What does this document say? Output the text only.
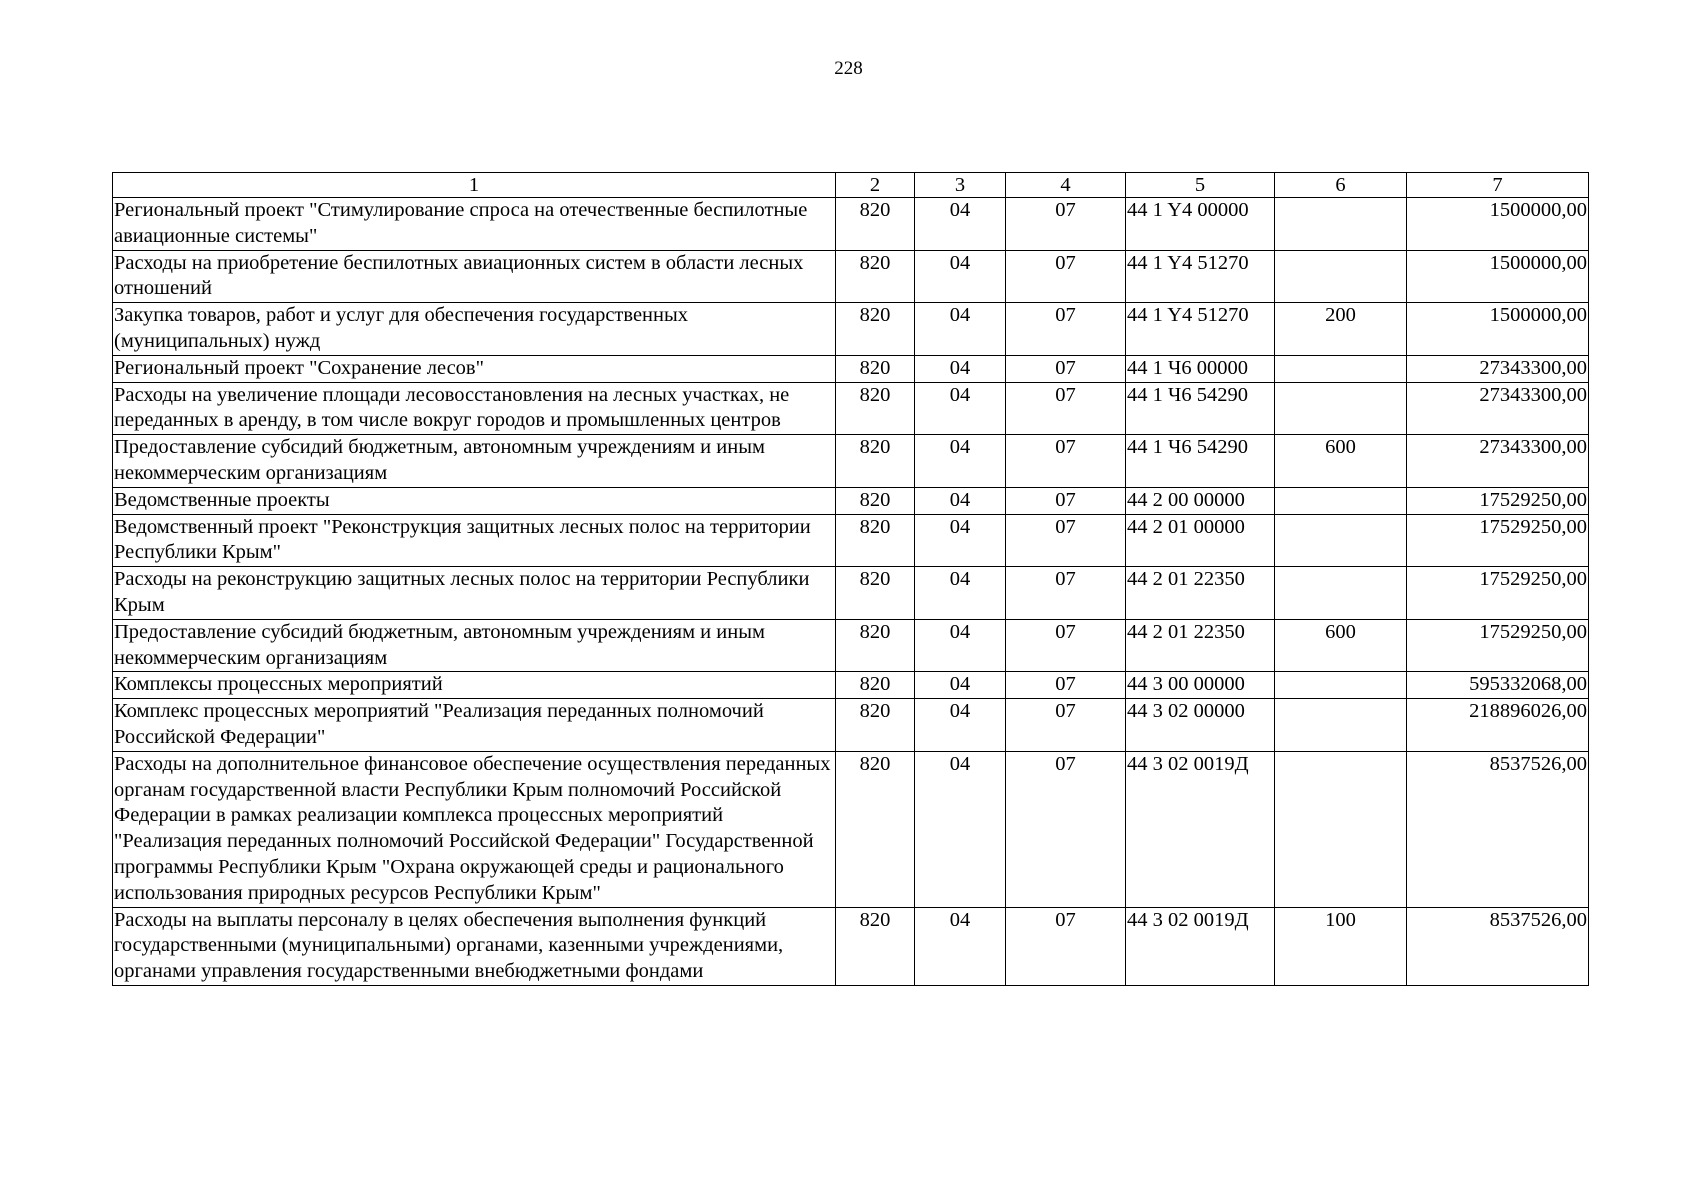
228
1	2	3	4	5	6	7
Региональный проект "Стимулирование спроса на отечественные беспилотные авиационные системы"	820	04	07	44 1 Y4 00000		1500000,00
Расходы на приобретение беспилотных авиационных систем в области лесных отношений	820	04	07	44 1 Y4 51270		1500000,00
Закупка товаров, работ и услуг для обеспечения государственных (муниципальных) нужд	820	04	07	44 1 Y4 51270	200	1500000,00
Региональный проект "Сохранение лесов"	820	04	07	44 1 Ч6 00000		27343300,00
Расходы на увеличение площади лесовосстановления на лесных участках, не переданных в аренду, в том числе вокруг городов и промышленных центров	820	04	07	44 1 Ч6 54290		27343300,00
Предоставление субсидий бюджетным, автономным учреждениям и иным некоммерческим организациям	820	04	07	44 1 Ч6 54290	600	27343300,00
Ведомственные проекты	820	04	07	44 2 00 00000		17529250,00
Ведомственный проект "Реконструкция защитных лесных полос на территории Республики Крым"	820	04	07	44 2 01 00000		17529250,00
Расходы на реконструкцию защитных лесных полос на территории Республики Крым	820	04	07	44 2 01 22350		17529250,00
Предоставление субсидий бюджетным, автономным учреждениям и иным некоммерческим организациям	820	04	07	44 2 01 22350	600	17529250,00
Комплексы процессных мероприятий	820	04	07	44 3 00 00000		595332068,00
Комплекс процессных мероприятий "Реализация переданных полномочий Российской Федерации"	820	04	07	44 3 02 00000		218896026,00
Расходы на дополнительное финансовое обеспечение осуществления переданных органам государственной власти Республики Крым полномочий Российской Федерации в рамках реализации комплекса процессных мероприятий "Реализация переданных полномочий Российской Федерации" Государственной программы Республики Крым "Охрана окружающей среды и рационального использования природных ресурсов Республики Крым"	820	04	07	44 3 02 0019Д		8537526,00
Расходы на выплаты персоналу в целях обеспечения выполнения функций государственными (муниципальными) органами, казенными учреждениями, органами управления государственными внебюджетными фондами	820	04	07	44 3 02 0019Д	100	8537526,00
